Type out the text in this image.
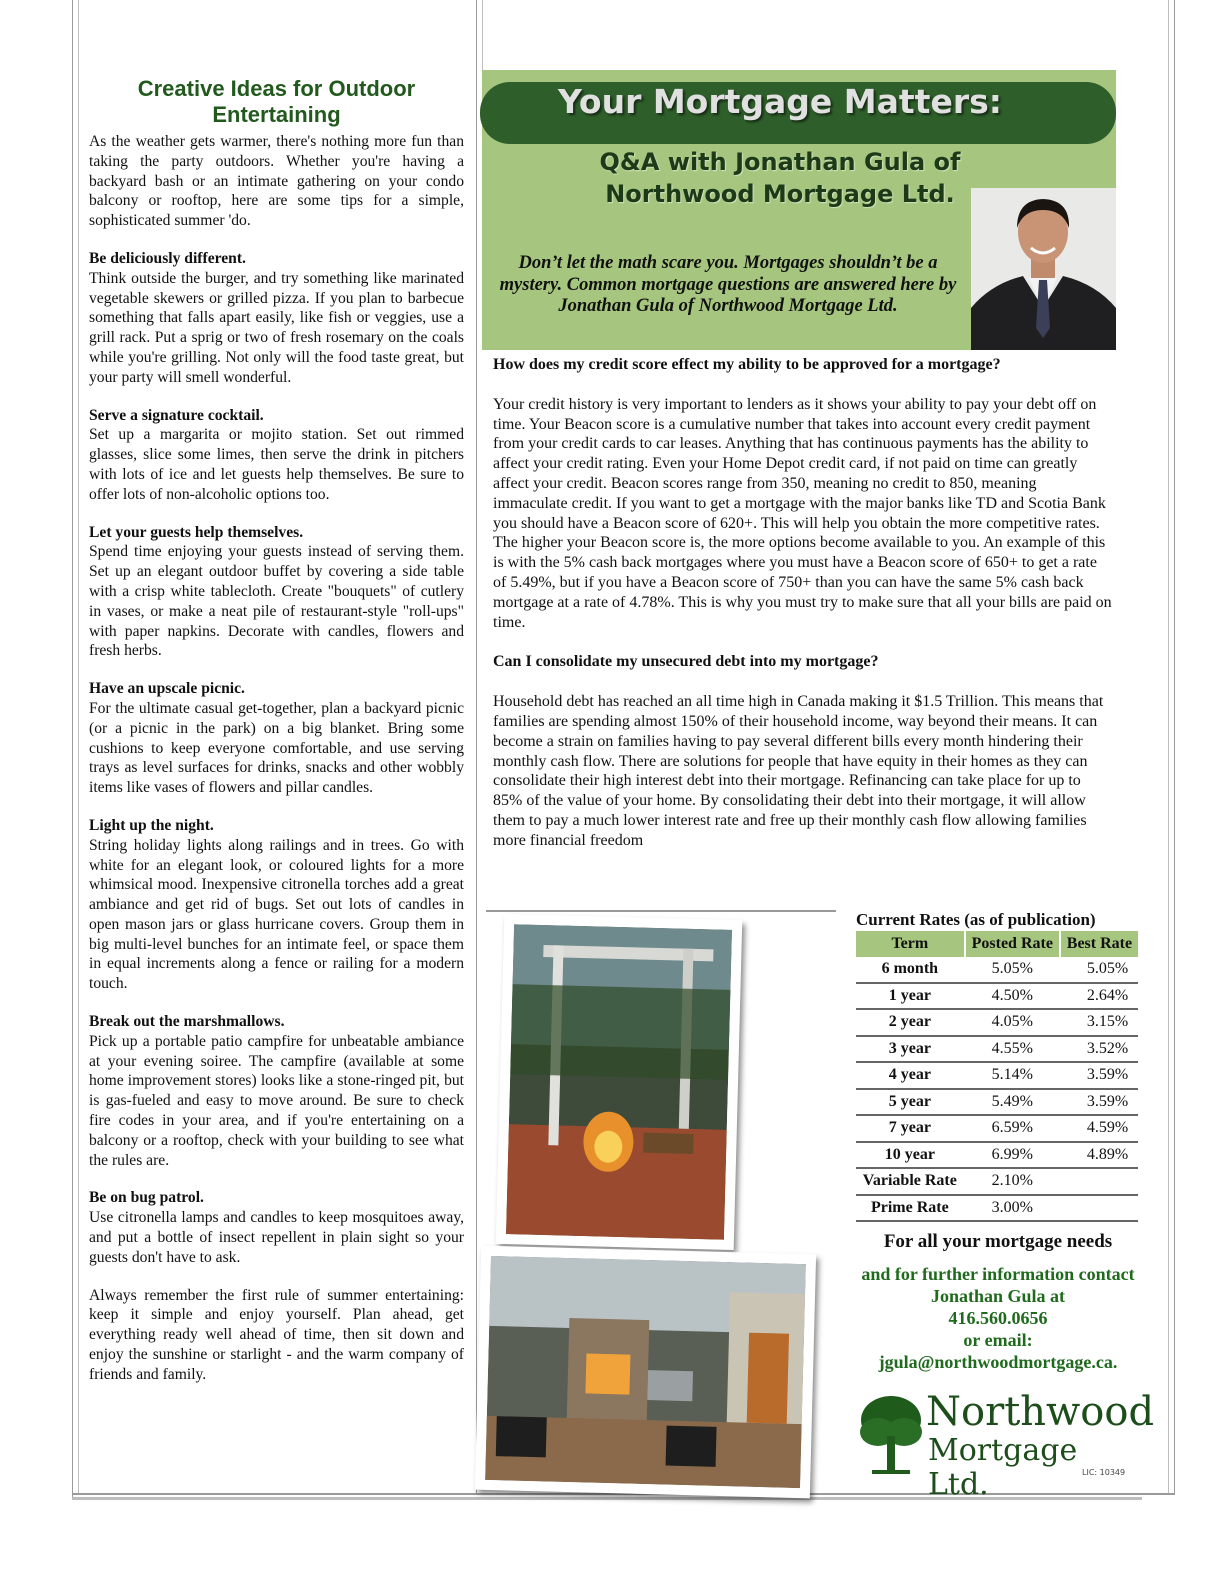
Creative Ideas for Outdoor Entertaining

As the weather gets warmer, there's nothing more fun than taking the party outdoors. Whether you're having a backyard bash or an intimate gathering on your condo balcony or rooftop, here are some tips for a simple, sophisticated summer 'do.

Be deliciously different.
Think outside the burger, and try something like marinated vegetable skewers or grilled pizza. If you plan to barbecue something that falls apart easily, like fish or veggies, use a grill rack. Put a sprig or two of fresh rosemary on the coals while you're grilling. Not only will the food taste great, but your party will smell wonderful.

Serve a signature cocktail.
Set up a margarita or mojito station. Set out rimmed glasses, slice some limes, then serve the drink in pitchers with lots of ice and let guests help themselves. Be sure to offer lots of non-alcoholic options too.

Let your guests help themselves.
Spend time enjoying your guests instead of serving them. Set up an elegant outdoor buffet by covering a side table with a crisp white tablecloth. Create "bouquets" of cutlery in vases, or make a neat pile of restaurant-style "roll-ups" with paper napkins. Decorate with candles, flowers and fresh herbs.

Have an upscale picnic.
For the ultimate casual get-together, plan a backyard picnic (or a picnic in the park) on a big blanket. Bring some cushions to keep everyone comfortable, and use serving trays as level surfaces for drinks, snacks and other wobbly items like vases of flowers and pillar candles.

Light up the night.
String holiday lights along railings and in trees. Go with white for an elegant look, or coloured lights for a more whimsical mood. Inexpensive citronella torches add a great ambiance and get rid of bugs. Set out lots of candles in open mason jars or glass hurricane covers. Group them in big multi-level bunches for an intimate feel, or space them in equal increments along a fence or railing for a modern touch.

Break out the marshmallows.
Pick up a portable patio campfire for unbeatable ambiance at your evening soiree. The campfire (available at some home improvement stores) looks like a stone-ringed pit, but is gas-fueled and easy to move around. Be sure to check fire codes in your area, and if you're entertaining on a balcony or a rooftop, check with your building to see what the rules are.

Be on bug patrol.
Use citronella lamps and candles to keep mosquitoes away, and put a bottle of insect repellent in plain sight so your guests don't have to ask.

Always remember the first rule of summer entertaining: keep it simple and enjoy yourself. Plan ahead, get everything ready well ahead of time, then sit down and enjoy the sunshine or starlight - and the warm company of friends and family.

Your Mortgage Matters:
Q&A with Jonathan Gula of
Northwood Mortgage Ltd.
Don’t let the math scare you. Mortgages shouldn’t be a mystery. Common mortgage questions are answered here by Jonathan Gula of Northwood Mortgage Ltd.

How does my credit score effect my ability to be approved for a mortgage?

Your credit history is very important to lenders as it shows your ability to pay your debt off on time. Your Beacon score is a cumulative number that takes into account every credit payment from your credit cards to car leases. Anything that has continuous payments has the ability to affect your credit rating. Even your Home Depot credit card, if not paid on time can greatly affect your credit. Beacon scores range from 350, meaning no credit to 850, meaning immaculate credit. If you want to get a mortgage with the major banks like TD and Scotia Bank you should have a Beacon score of 620+. This will help you obtain the more competitive rates. The higher your Beacon score is, the more options become available to you. An example of this is with the 5% cash back mortgages where you must have a Beacon score of 650+ to get a rate of 5.49%, but if you have a Beacon score of 750+ than you can have the same 5% cash back mortgage at a rate of 4.78%. This is why you must try to make sure that all your bills are paid on time.

Can I consolidate my unsecured debt into my mortgage?

Household debt has reached an all time high in Canada making it $1.5 Trillion. This means that families are spending almost 150% of their household income, way beyond their means. It can become a strain on families having to pay several different bills every month hindering their monthly cash flow. There are solutions for people that have equity in their homes as they can consolidate their high interest debt into their mortgage. Refinancing can take place for up to 85% of the value of your home. By consolidating their debt into their mortgage, it will allow them to pay a much lower interest rate and free up their monthly cash flow allowing families more financial freedom

Current Rates (as of publication)
Term	Posted Rate	Best Rate
6 month	5.05%	5.05%
1 year	4.50%	2.64%
2 year	4.05%	3.15%
3 year	4.55%	3.52%
4 year	5.14%	3.59%
5 year	5.49%	3.59%
7 year	6.59%	4.59%
10 year	6.99%	4.89%
Variable Rate	2.10%	
Prime Rate	3.00%	
For all your mortgage needs
and for further information contact
Jonathan Gula at
416.560.0656
or email:
jgula@northwoodmortgage.ca.
Northwood
Mortgage Ltd.	LIC: 10349
